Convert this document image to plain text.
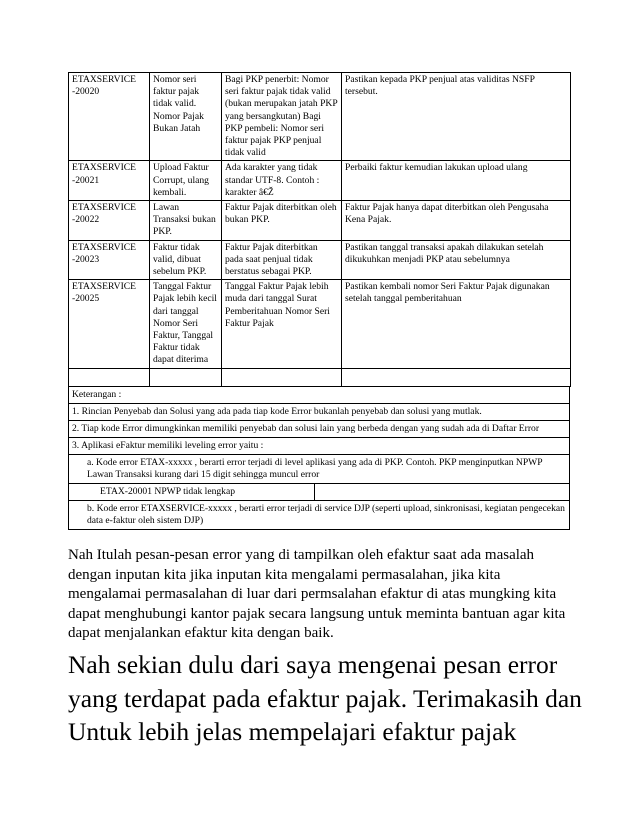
ETAXSERVICE -20020	Nomor seri faktur pajak tidak valid. Nomor Pajak Bukan Jatah	Bagi PKP penerbit: Nomor seri faktur pajak tidak valid (bukan merupakan jatah PKP yang bersangkutan) Bagi PKP pembeli: Nomor seri faktur pajak PKP penjual tidak valid	Pastikan kepada PKP penjual atas validitas NSFP tersebut.
ETAXSERVICE -20021	Upload Faktur Corrupt, ulang kembali.	Ada karakter yang tidak standar UTF-8. Contoh : karakter â€Ž	Perbaiki faktur kemudian lakukan upload ulang
ETAXSERVICE -20022	Lawan Transaksi bukan PKP.	Faktur Pajak diterbitkan oleh bukan PKP.	Faktur Pajak hanya dapat diterbitkan oleh Pengusaha Kena Pajak.
ETAXSERVICE -20023	Faktur tidak valid, dibuat sebelum PKP.	Faktur Pajak diterbitkan pada saat penjual tidak berstatus sebagai PKP.	Pastikan tanggal transaksi apakah dilakukan setelah dikukuhkan menjadi PKP atau sebelumnya
ETAXSERVICE -20025	Tanggal Faktur Pajak lebih kecil dari tanggal Nomor Seri Faktur, Tanggal Faktur tidak dapat diterima	Tanggal Faktur Pajak lebih muda dari tanggal Surat Pemberitahuan Nomor Seri Faktur Pajak	Pastikan kembali nomor Seri Faktur Pajak digunakan setelah tanggal pemberitahuan

Keterangan :
1. Rincian Penyebab dan Solusi yang ada pada tiap kode Error bukanlah penyebab dan solusi yang mutlak.
2. Tiap kode Error dimungkinkan memiliki penyebab dan solusi lain yang berbeda dengan yang sudah ada di Daftar Error
3. Aplikasi eFaktur memiliki leveling error yaitu :
a. Kode error ETAX-xxxxx , berarti error terjadi di level aplikasi yang ada di PKP. Contoh. PKP menginputkan NPWP Lawan Transaksi kurang dari 15 digit sehingga muncul error
ETAX-20001 NPWP tidak lengkap
b. Kode error ETAXSERVICE-xxxxx , berarti error terjadi di service DJP (seperti upload, sinkronisasi, kegiatan pengecekan data e-faktur oleh sistem DJP)
Nah Itulah pesan-pesan error yang di tampilkan oleh efaktur saat ada masalah dengan inputan kita jika inputan kita mengalami permasalahan, jika kita mengalamai permasalahan di luar dari permsalahan efaktur di atas mungking kita dapat menghubungi kantor pajak secara langsung untuk meminta bantuan agar kita dapat menjalankan efaktur kita dengan baik.
Nah sekian dulu dari saya mengenai pesan error yang terdapat pada efaktur pajak. Terimakasih dan Untuk lebih jelas mempelajari efaktur pajak
